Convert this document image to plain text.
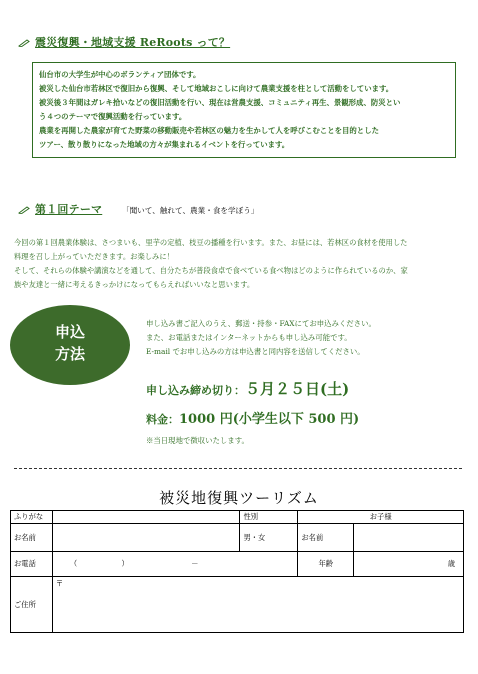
震災復興・地域支援 ReRoots って？
仙台市の大学生が中心のボランティア団体です。
被災した仙台市若林区で復旧から復興、そして地域おこしに向けて農業支援を柱として活動をしています。
被災後３年間はガレキ拾いなどの復旧活動を行い、現在は営農支援、コミュニティ再生、景観形成、防災とい
う４つのテーマで復興活動を行っています。
農業を再開した農家が育てた野菜の移動販売や若林区の魅力を生かして人を呼びこむことを目的とした
ツアー、散り散りになった地域の方々が集まれるイベントを行っています。
第１回テーマ	「聞いて、触れて、農業・食を学ぼう」
今回の第１回農業体験は、さつまいも、里芋の定植、枝豆の播種を行います。また、お昼には、若林区の食材を使用した
料理を召し上がっていただきます。お楽しみに！
そして、それらの体験や講演などを通して、自分たちが普段食卓で食べている食べ物はどのように作られているのか、家
族や友達と一緒に考えるきっかけになってもらえればいいなと思います。
申込
方法
申し込み書ご記入のうえ、郵送・持参・FAXにてお申込みください。
また、お電話またはインターネットからも申し込み可能です。
E-mail でお申し込みの方は申込書と同内容を送信してください。
申し込み締め切り：５月２５日(土)
料金：1000 円(小学生以下 500 円)
※当日現地で徴収いたします。
被災地復興ツーリズム
ふりがな		性別	お子様	
お名前		男・女	お名前	
お電話	（ ） －		年齢	歳
ご住所	〒			
